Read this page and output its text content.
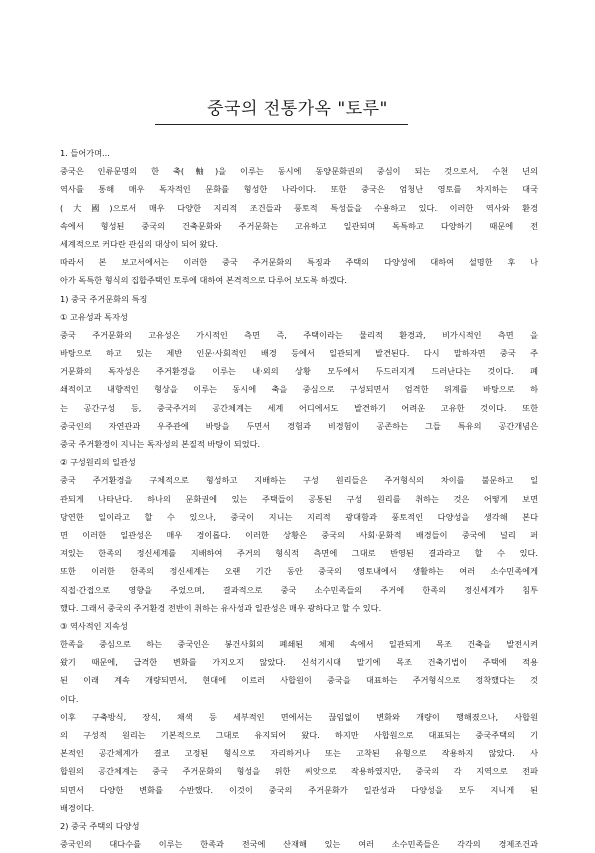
중국의 전통가옥 "토루"
1. 들어가며...
중국은 인류문명의 한 축(軸)을 이루는 동시에 동양문화권의 중심이 되는 것으로서, 수천 년의
역사를 통해 매우 독자적인 문화를 형성한 나라이다. 또한 중국은 엄청난 영토를 차지하는 대국
(大國)으로서 매우 다양한 지리적 조건들과 풍토적 특성들을 수용하고 있다. 이러한 역사와 환경
속에서 형성된 중국의 건축문화와 주거문화는 고유하고 일관되며 독특하고 다양하기 때문에 전
세계적으로 커다란 관심의 대상이 되어 왔다.
따라서 본 보고서에서는 이러한 중국 주거문화의 특징과 주택의 다양성에 대하여 설명한 후 나
아가 독특한 형식의 집합주택인 토루에 대하여 본격적으로 다루어 보도록 하겠다.
1) 중국 주거문화의 특징
① 고유성과 독자성
중국 주거문화의 고유성은 가시적인 측면 즉, 주택이라는 물리적 환경과, 비가시적인 측면 을
바탕으로 하고 있는 제반 인문·사회적인 배경 등에서 일관되게 발견된다. 다시 말하자면 중국 주
거문화의 독자성은 주거환경을 이루는 내·외의 상황 모두에서 두드러지게 드러난다는 것이다. 폐
쇄적이고 내향적인 형상을 이루는 동시에 축을 중심으로 구성되면서 엄격한 위계를 바탕으로 하
는 공간구성 등, 중국주거의 공간체계는 세계 어디에서도 발견하기 어려운 고유한 것이다. 또한
중국인의 자연관과 우주관에 바탕을 두면서 경험과 비경험이 공존하는 그들 특유의 공간개념은
중국 주거환경이 지니는 독자성의 본질적 바탕이 되었다.
② 구성원리의 일관성
중국 주거환경을 구체적으로 형성하고 지배하는 구성 원리들은 주거형식의 차이를 불문하고 일
관되게 나타난다. 하나의 문화권에 있는 주택들이 공통된 구성 원리를 취하는 것은 어떻게 보면
당연한 일이라고 할 수 있으나, 중국이 지니는 지리적 광대함과 풍토적인 다양성을 생각해 본다
면 이러한 일관성은 매우 경이롭다. 이러한 상황은 중국의 사회·문화적 배경들이 중국에 널리 퍼
져있는 한족의 정신세계를 지배하여 주거의 형식적 측면에 그대로 반영된 결과라고 할 수 있다.
또한 이러한 한족의 정신세계는 오랜 기간 동안 중국의 영토내에서 생활하는 여러 소수민족에게
직접·간접으로 영향을 주었으며, 결과적으로 중국 소수민족들의 주거에 한족의 정신세계가 침투
했다. 그래서 중국의 주거환경 전반이 취하는 유사성과 일관성은 매우 광하다고 할 수 있다.
③ 역사적인 지속성
한족을 중심으로 하는 중국인은 봉건사회의 폐쇄된 체제 속에서 일관되게 목조 건축을 발전시켜
왔기 때문에, 급격한 변화를 가지오지 않았다. 신석기시대 말기에 목조 건축기법이 주택에 적용
된 이래 계속 개량되면서, 현대에 이르러 사합원이 중국을 대표하는 주거형식으로 정착했다는 것
이다.
이후 구축방식, 장식, 채색 등 세부적인 면에서는 끊임없이 변화와 개량이 행해졌으나, 사합원
의 구성적 원리는 기본적으로 그대로 유지되어 왔다. 하지만 사합원으로 대표되는 중국주택의 기
본적인 공간체계가 결코 고정된 형식으로 자리하거나 또는 고착된 유형으로 작용하지 않았다. 사
합원의 공간체계는 중국 주거문화의 형성을 위한 씨앗으로 작용하였지만, 중국의 각 지역으로 전파
되면서 다양한 변화를 수반했다. 이것이 중국의 주거문화가 일관성과 다양성을 모두 지니게 된
배경이다.
2) 중국 주택의 다양성
중국인의 대다수를 이루는 한족과 전국에 산재해 있는 여러 소수민족들은 각각의 경제조건과
